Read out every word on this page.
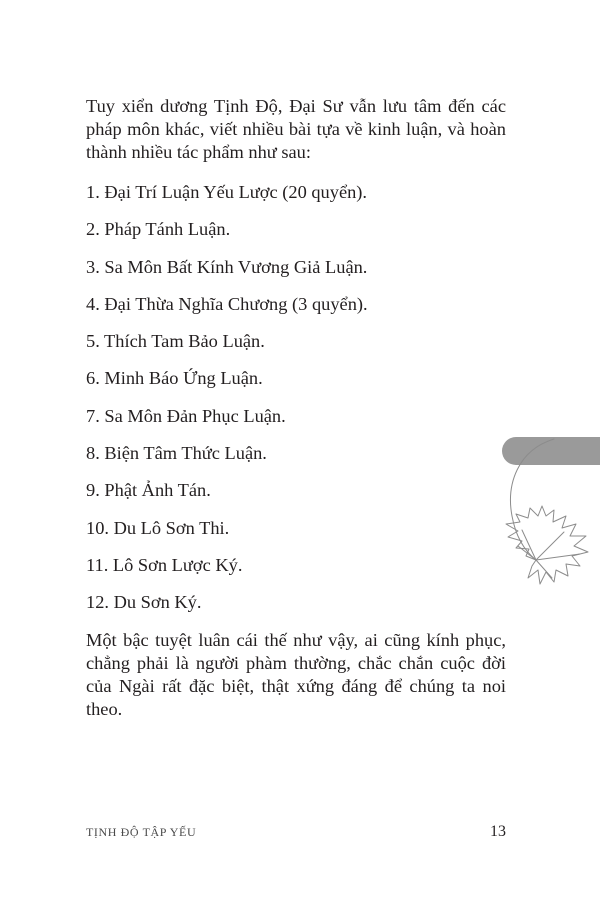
Tuy xiển dương Tịnh Độ, Đại Sư vẫn lưu tâm đến các pháp môn khác, viết nhiều bài tựa về kinh luận, và hoàn thành nhiều tác phẩm như sau:

1. Đại Trí Luận Yếu Lược (20 quyển).
2. Pháp Tánh Luận.
3. Sa Môn Bất Kính Vương Giả Luận.
4. Đại Thừa Nghĩa Chương (3 quyển).
5. Thích Tam Bảo Luận.
6. Minh Báo Ứng Luận.
7. Sa Môn Đản Phục Luận.
8. Biện Tâm Thức Luận.
9. Phật Ảnh Tán.
10. Du Lô Sơn Thi.
11. Lô Sơn Lược Ký.
12. Du Sơn Ký.

Một bậc tuyệt luân cái thế như vậy, ai cũng kính phục, chẳng phải là người phàm thường, chắc chắn cuộc đời của Ngài rất đặc biệt, thật xứng đáng để chúng ta noi theo.

TỊNH ĐỘ TẬP YẾU	13
